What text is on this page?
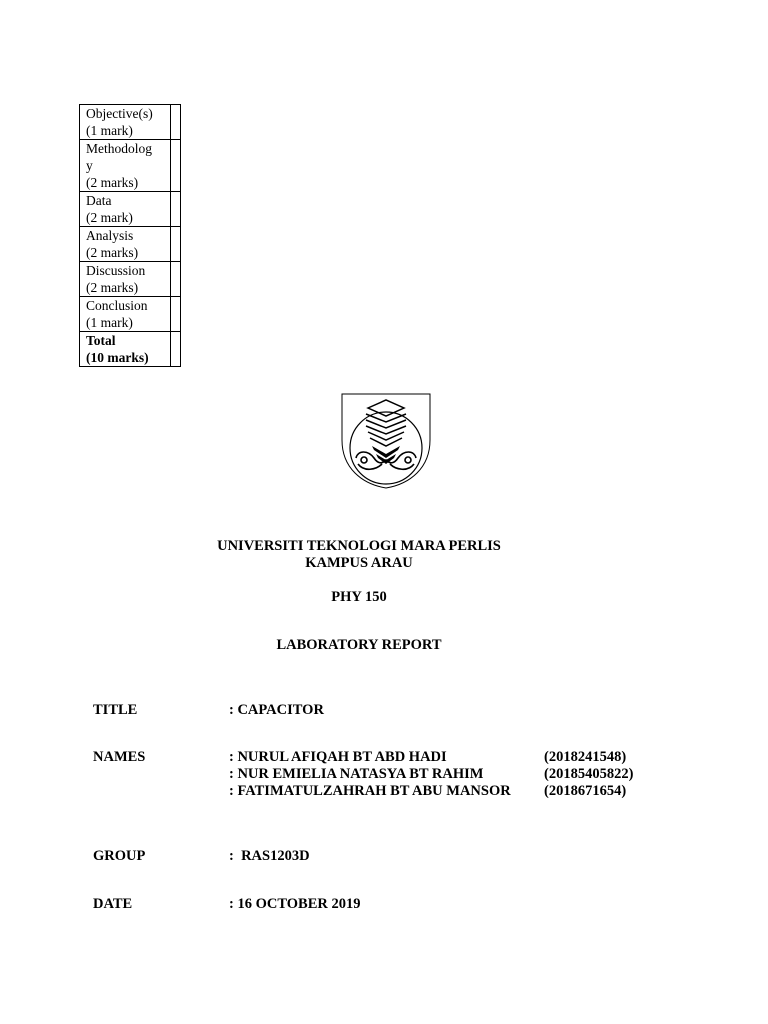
Objective(s)
(1 mark)	

Methodolog
y
(2 marks)	

Data
(2 mark)	

Analysis
(2 marks)	

Discussion
(2 marks)	

Conclusion
(1 mark)	

Total
(10 marks)	

UNIVERSITI TEKNOLOGI MARA PERLIS
KAMPUS ARAU
PHY 150
LABORATORY REPORT
TITLE	: CAPACITOR
NAMES	: NURUL AFIQAH BT ABD HADI	(2018241548)
: NUR EMIELIA NATASYA BT RAHIM	(20185405822)
: FATIMATULZAHRAH BT ABU MANSOR (2018671654)
GROUP	:  RAS1203D
DATE	: 16 OCTOBER 2019
